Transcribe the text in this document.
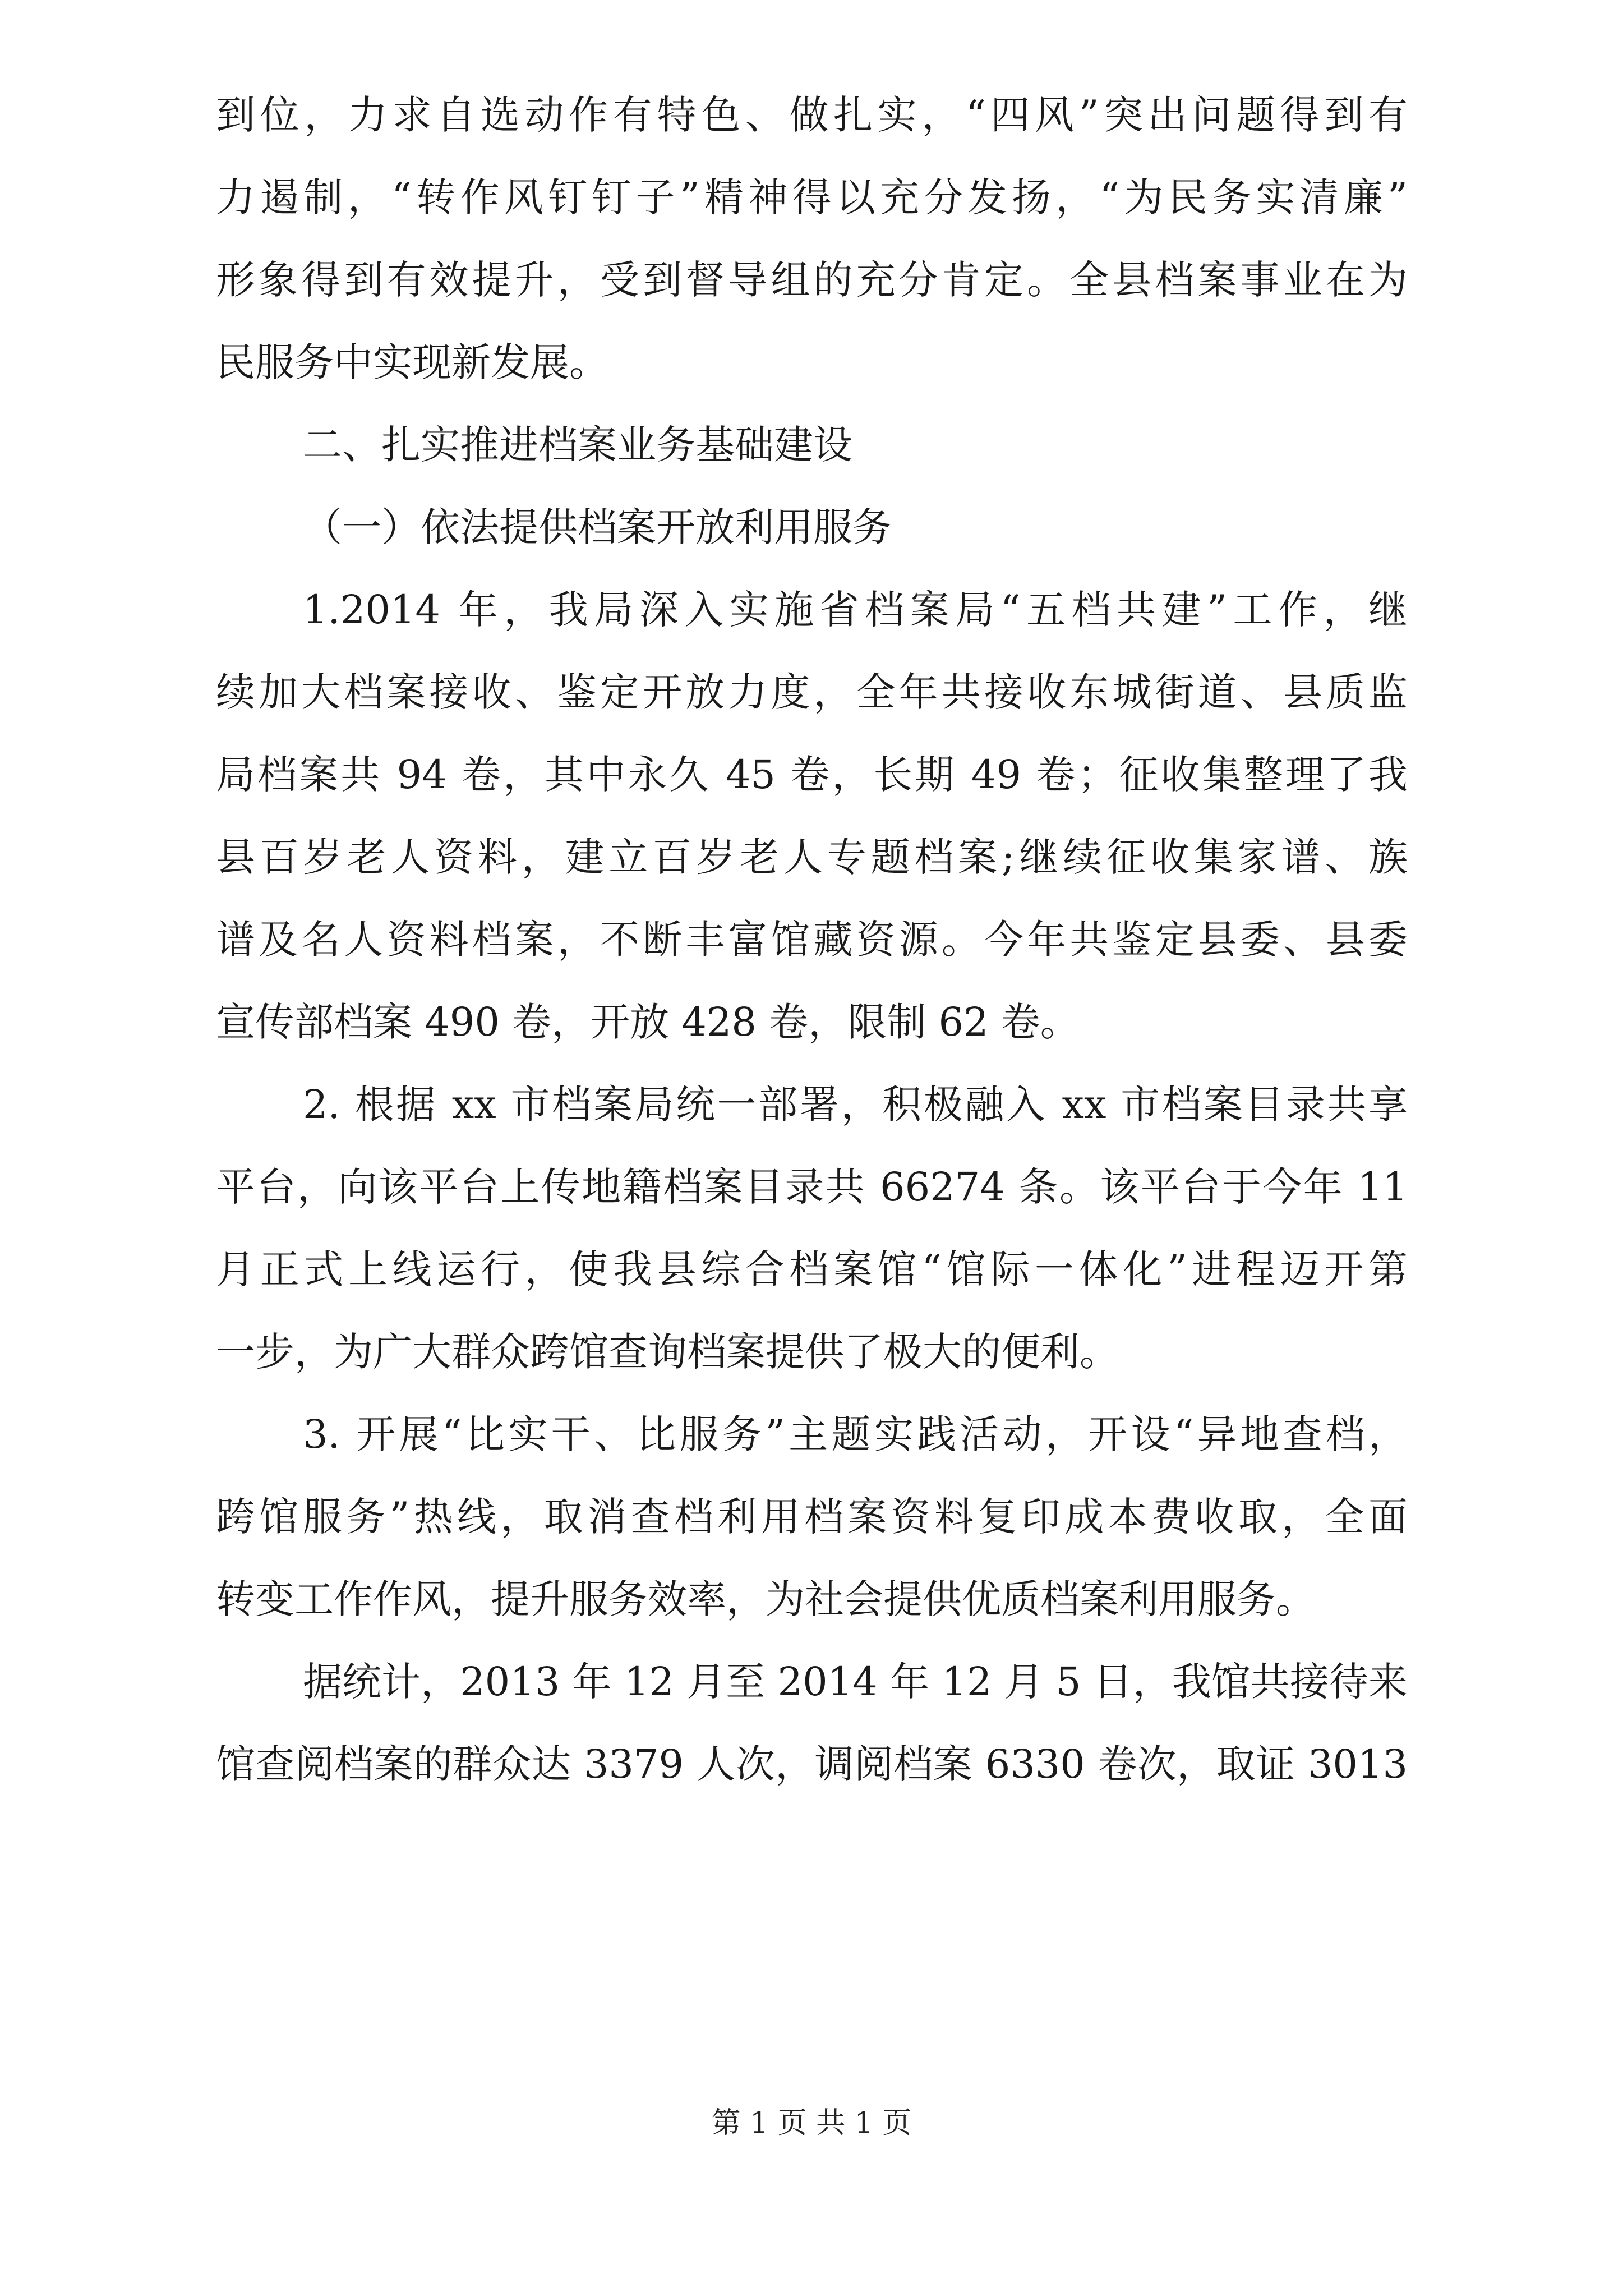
到位，力求自选动作有特色、做扎实，“四风”突出问题得到有
力遏制，“转作风钉钉子”精神得以充分发扬，“为民务实清廉”
形象得到有效提升，受到督导组的充分肯定。全县档案事业在为
民服务中实现新发展。
二、扎实推进档案业务基础建设
（一）依法提供档案开放利用服务
1.2014 年，我局深入实施省档案局“五档共建”工作，继
续加大档案接收、鉴定开放力度，全年共接收东城街道、县质监
局档案共 94 卷，其中永久 45 卷，长期 49 卷；征收集整理了我
县百岁老人资料，建立百岁老人专题档案;继续征收集家谱、族
谱及名人资料档案，不断丰富馆藏资源。今年共鉴定县委、县委
宣传部档案 490 卷，开放 428 卷，限制 62 卷。
2. 根据 xx 市档案局统一部署，积极融入 xx 市档案目录共享
平台，向该平台上传地籍档案目录共 66274 条。该平台于今年 11
月正式上线运行，使我县综合档案馆“馆际一体化”进程迈开第
一步，为广大群众跨馆查询档案提供了极大的便利。
3. 开展“比实干、比服务”主题实践活动，开设“异地查档，
跨馆服务”热线，取消查档利用档案资料复印成本费收取，全面
转变工作作风，提升服务效率，为社会提供优质档案利用服务。
据统计，2013 年 12 月至 2014 年 12 月 5 日，我馆共接待来
馆查阅档案的群众达 3379 人次，调阅档案 6330 卷次，取证 3013
第 1 页 共 1 页
